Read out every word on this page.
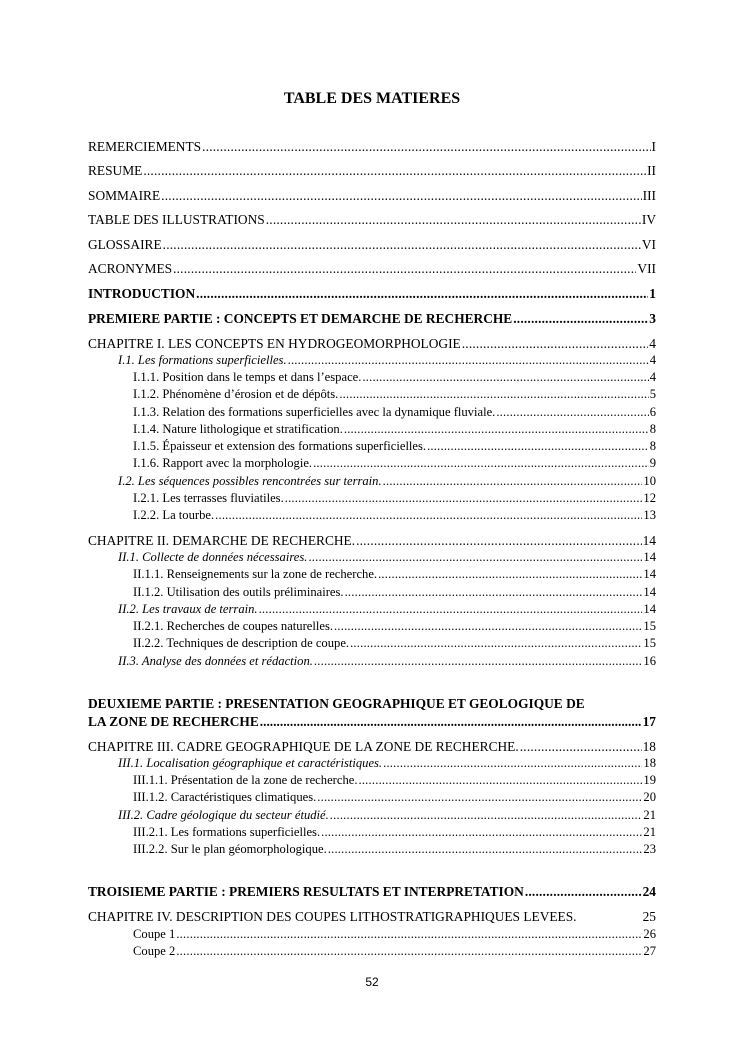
TABLE DES MATIERES
DEUXIEME PARTIE : PRESENTATION GEOGRAPHIQUE ET GEOLOGIQUE DE
LA ZONE DE RECHERCHE .....	17
REMERCIEMENTS .....	I
RESUME .....	II
SOMMAIRE .....	III
TABLE DES ILLUSTRATIONS .....	IV
GLOSSAIRE .....	VI
ACRONYMES .....	VII
INTRODUCTION .....	1
PREMIERE PARTIE : CONCEPTS ET DEMARCHE DE RECHERCHE .....	3
CHAPITRE I. LES CONCEPTS EN HYDROGEOMORPHOLOGIE .....	4
I.1. Les formations superficielles. .....	4
I.1.1. Position dans le temps et dans l’espace. .....	4
I.1.2. Phénomène d’érosion et de dépôts. .....	5
I.1.3. Relation des formations superficielles avec la dynamique fluviale. .....	6
I.1.4. Nature lithologique et stratification. .....	8
I.1.5. Épaisseur et extension des formations superficielles. .....	8
I.1.6. Rapport avec la morphologie. .....	9
I.2. Les séquences possibles rencontrées sur terrain. .....	10
I.2.1. Les terrasses fluviatiles. .....	12
I.2.2. La tourbe. .....	13
CHAPITRE II. DEMARCHE DE RECHERCHE. .....	14
II.1. Collecte de données nécessaires. .....	14
II.1.1. Renseignements sur la zone de recherche. .....	14
II.1.2. Utilisation des outils préliminaires. .....	14
II.2. Les travaux de terrain. .....	14
II.2.1. Recherches de coupes naturelles. .....	15
II.2.2. Techniques de description de coupe. .....	15
II.3. Analyse des données et rédaction. .....	16
CHAPITRE III. CADRE GEOGRAPHIQUE DE LA ZONE DE RECHERCHE. .....	18
III.1. Localisation géographique et caractéristiques. .....	18
III.1.1. Présentation de la zone de recherche. .....	19
III.1.2. Caractéristiques climatiques. .....	20
III.2. Cadre géologique du secteur étudié. .....	21
III.2.1. Les formations superficielles. .....	21
III.2.2. Sur le plan géomorphologique. .....	23
TROISIEME PARTIE : PREMIERS RESULTATS ET INTERPRETATION .....	24
CHAPITRE IV. DESCRIPTION DES COUPES LITHOSTRATIGRAPHIQUES LEVEES.	25
Coupe 1 .....	26
Coupe 2 .....	27
52
